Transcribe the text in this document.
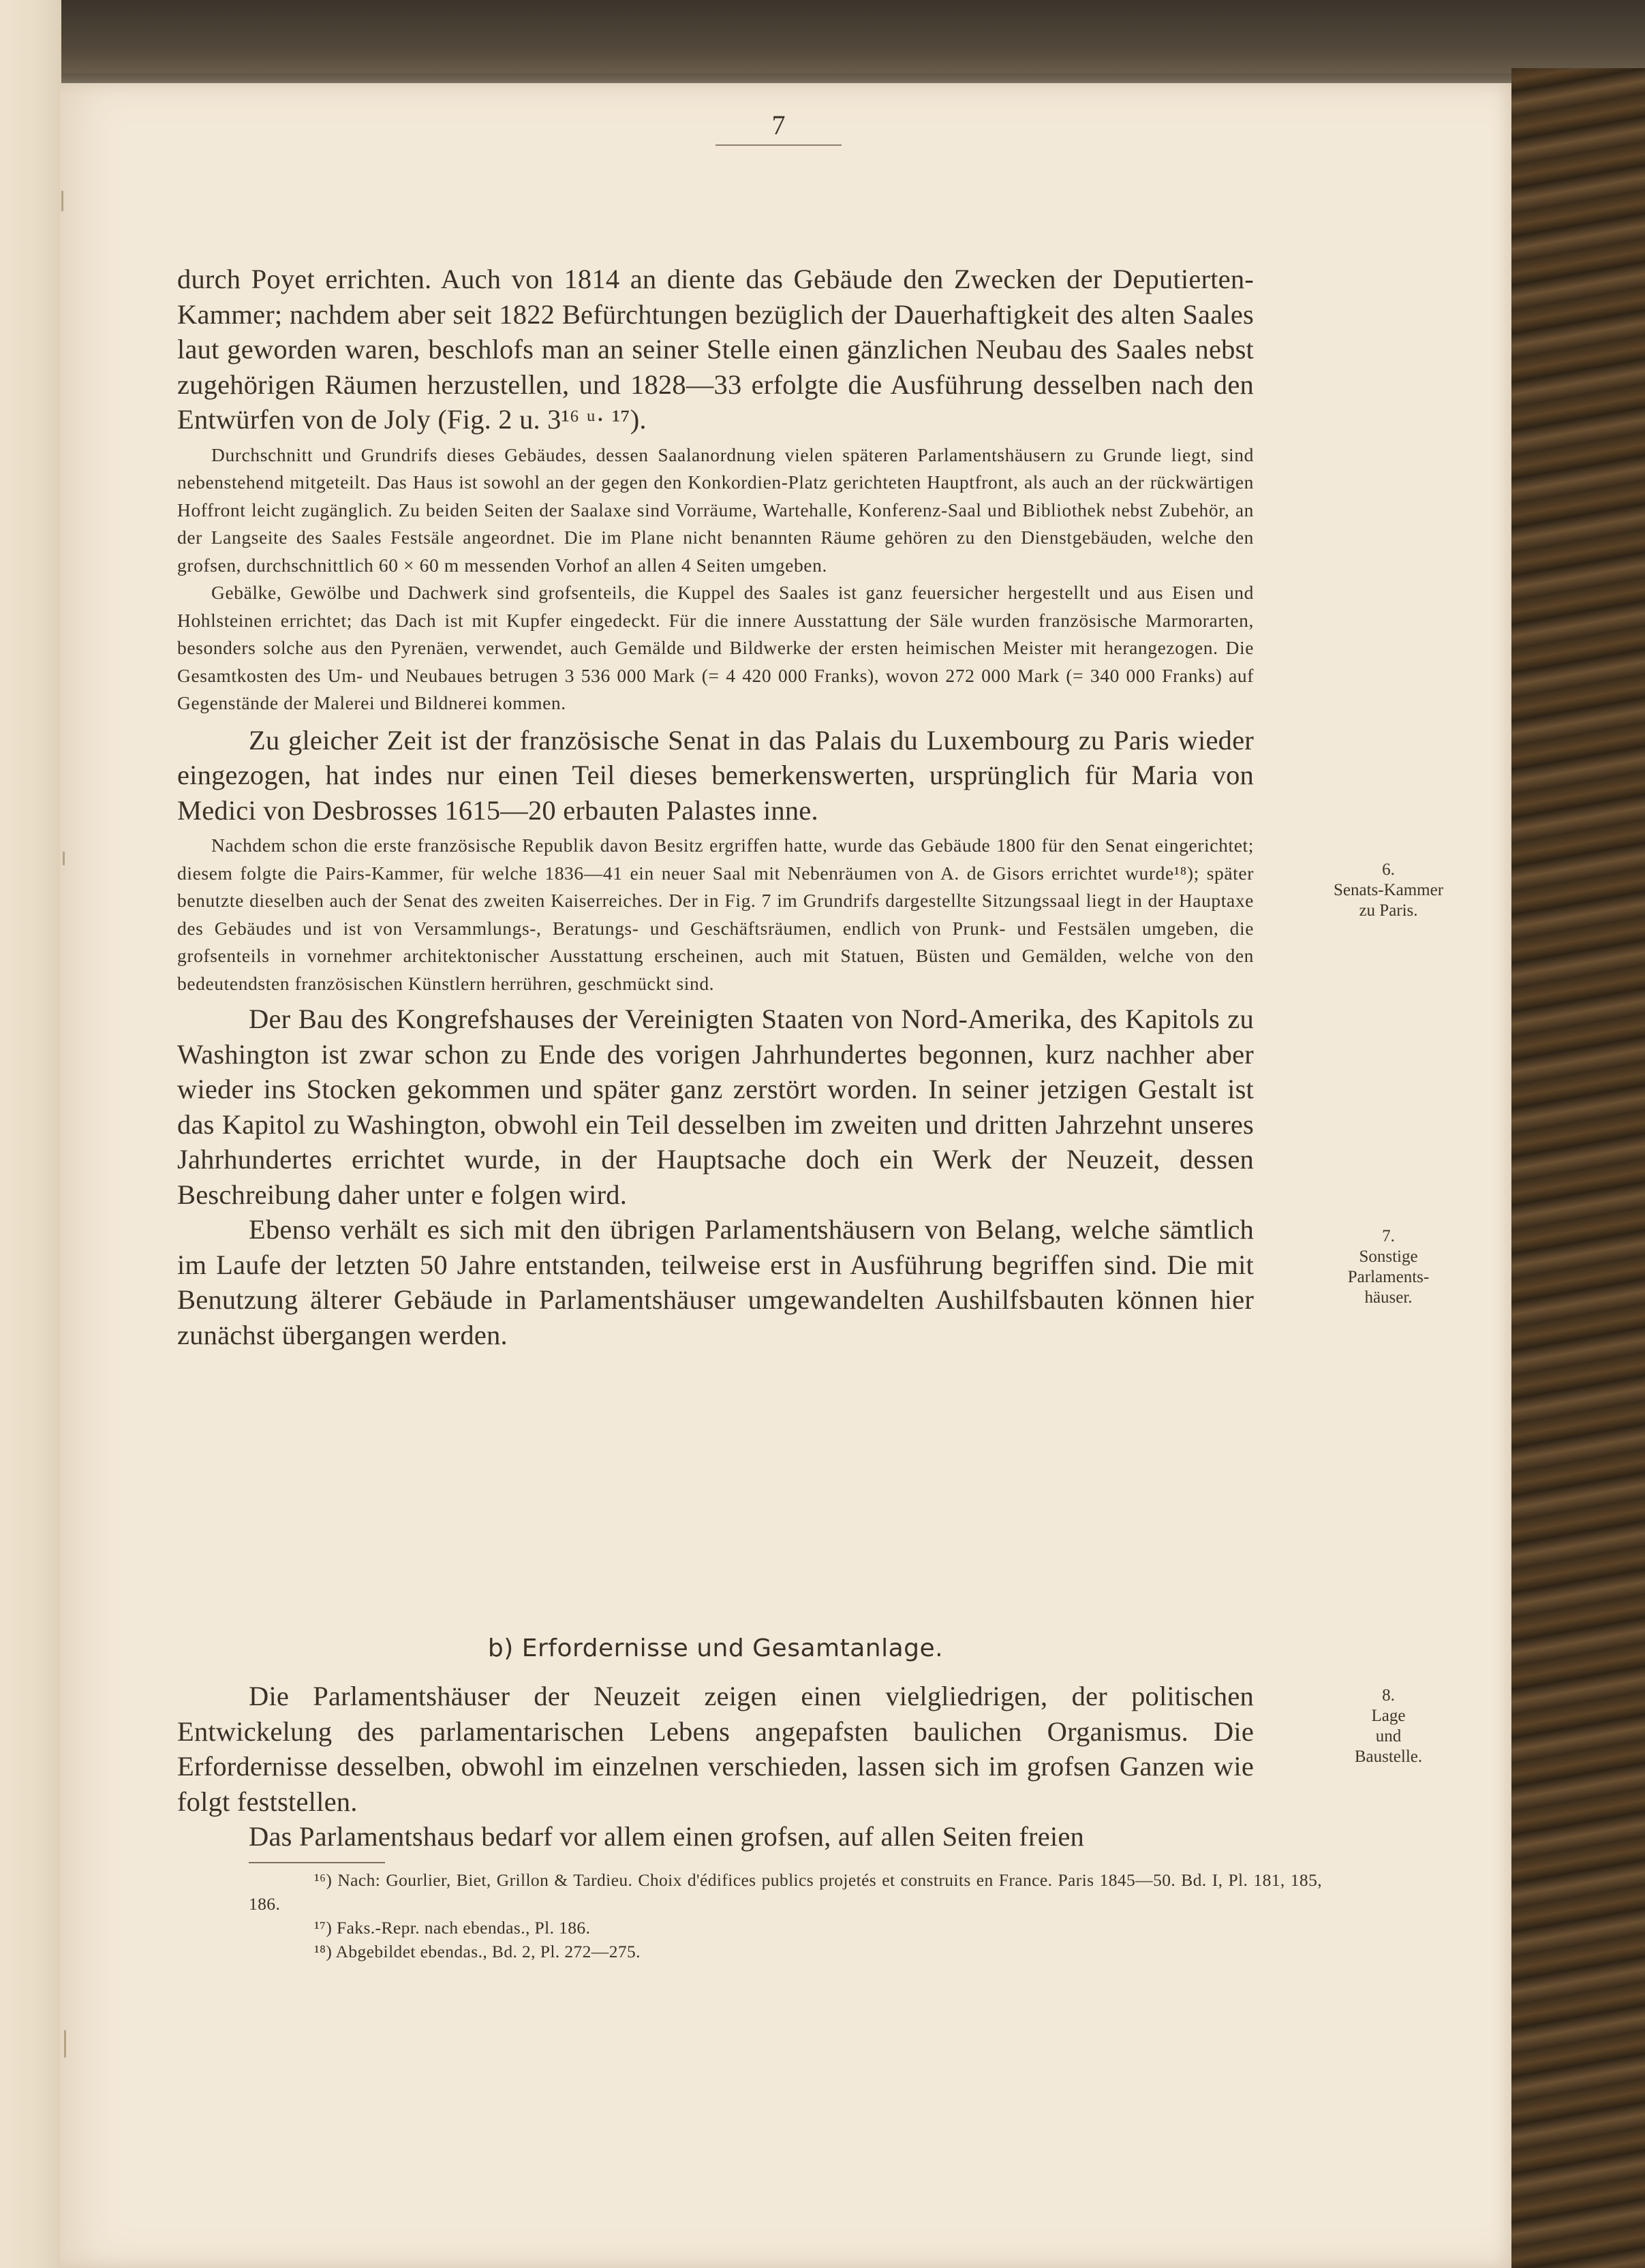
7

durch Poyet errichten. Auch von 1814 an diente das Gebäude den Zwecken der Deputierten-Kammer; nachdem aber seit 1822 Befürchtungen bezüglich der Dauerhaftigkeit des alten Saales laut geworden waren, beschlofs man an seiner Stelle einen gänzlichen Neubau des Saales nebst zugehörigen Räumen herzustellen, und 1828—33 erfolgte die Ausführung desselben nach den Entwürfen von de Joly (Fig. 2 u. 3¹⁶ ᵘ· ¹⁷).

Durchschnitt und Grundrifs dieses Gebäudes, dessen Saalanordnung vielen späteren Parlamentshäusern zu Grunde liegt, sind nebenstehend mitgeteilt. Das Haus ist sowohl an der gegen den Konkordien-Platz gerichteten Hauptfront, als auch an der rückwärtigen Hoffront leicht zugänglich. Zu beiden Seiten der Saalaxe sind Vorräume, Wartehalle, Konferenz-Saal und Bibliothek nebst Zubehör, an der Langseite des Saales Festsäle angeordnet. Die im Plane nicht benannten Räume gehören zu den Dienstgebäuden, welche den grofsen, durchschnittlich 60 × 60 m messenden Vorhof an allen 4 Seiten umgeben.

Gebälke, Gewölbe und Dachwerk sind grofsenteils, die Kuppel des Saales ist ganz feuersicher hergestellt und aus Eisen und Hohlsteinen errichtet; das Dach ist mit Kupfer eingedeckt. Für die innere Ausstattung der Säle wurden französische Marmorarten, besonders solche aus den Pyrenäen, verwendet, auch Gemälde und Bildwerke der ersten heimischen Meister mit herangezogen. Die Gesamtkosten des Um- und Neubaues betrugen 3 536 000 Mark (= 4 420 000 Franks), wovon 272 000 Mark (= 340 000 Franks) auf Gegenstände der Malerei und Bildnerei kommen.

Zu gleicher Zeit ist der französische Senat in das Palais du Luxembourg zu Paris wieder eingezogen, hat indes nur einen Teil dieses bemerkenswerten, ursprünglich für Maria von Medici von Desbrosses 1615—20 erbauten Palastes inne.

Nachdem schon die erste französische Republik davon Besitz ergriffen hatte, wurde das Gebäude 1800 für den Senat eingerichtet; diesem folgte die Pairs-Kammer, für welche 1836—41 ein neuer Saal mit Nebenräumen von A. de Gisors errichtet wurde¹⁸); später benutzte dieselben auch der Senat des zweiten Kaiserreiches. Der in Fig. 7 im Grundrifs dargestellte Sitzungssaal liegt in der Hauptaxe des Gebäudes und ist von Versammlungs-, Beratungs- und Geschäftsräumen, endlich von Prunk- und Festsälen umgeben, die grofsenteils in vornehmer architektonischer Ausstattung erscheinen, auch mit Statuen, Büsten und Gemälden, welche von den bedeutendsten französischen Künstlern herrühren, geschmückt sind.

Der Bau des Kongrefshauses der Vereinigten Staaten von Nord-Amerika, des Kapitols zu Washington ist zwar schon zu Ende des vorigen Jahrhundertes begonnen, kurz nachher aber wieder ins Stocken gekommen und später ganz zerstört worden. In seiner jetzigen Gestalt ist das Kapitol zu Washington, obwohl ein Teil desselben im zweiten und dritten Jahrzehnt unseres Jahrhundertes errichtet wurde, in der Hauptsache doch ein Werk der Neuzeit, dessen Beschreibung daher unter e folgen wird.

Ebenso verhält es sich mit den übrigen Parlamentshäusern von Belang, welche sämtlich im Laufe der letzten 50 Jahre entstanden, teilweise erst in Ausführung begriffen sind. Die mit Benutzung älterer Gebäude in Parlamentshäuser umgewandelten Aushilfsbauten können hier zunächst übergangen werden.

b) Erfordernisse und Gesamtanlage.

Die Parlamentshäuser der Neuzeit zeigen einen vielgliedrigen, der politischen Entwickelung des parlamentarischen Lebens angepafsten baulichen Organismus. Die Erfordernisse desselben, obwohl im einzelnen verschieden, lassen sich im grofsen Ganzen wie folgt feststellen.

Das Parlamentshaus bedarf vor allem einen grofsen, auf allen Seiten freien

6.
Senats-Kammer
zu Paris.
7.
Sonstige
Parlaments-
häuser.
8.
Lage
und
Baustelle.

¹⁶) Nach: Gourlier, Biet, Grillon & Tardieu. Choix d'édifices publics projetés et construits en France. Paris 1845—50. Bd. I, Pl. 181, 185, 186.

¹⁷) Faks.-Repr. nach ebendas., Pl. 186.

¹⁸) Abgebildet ebendas., Bd. 2, Pl. 272—275.
